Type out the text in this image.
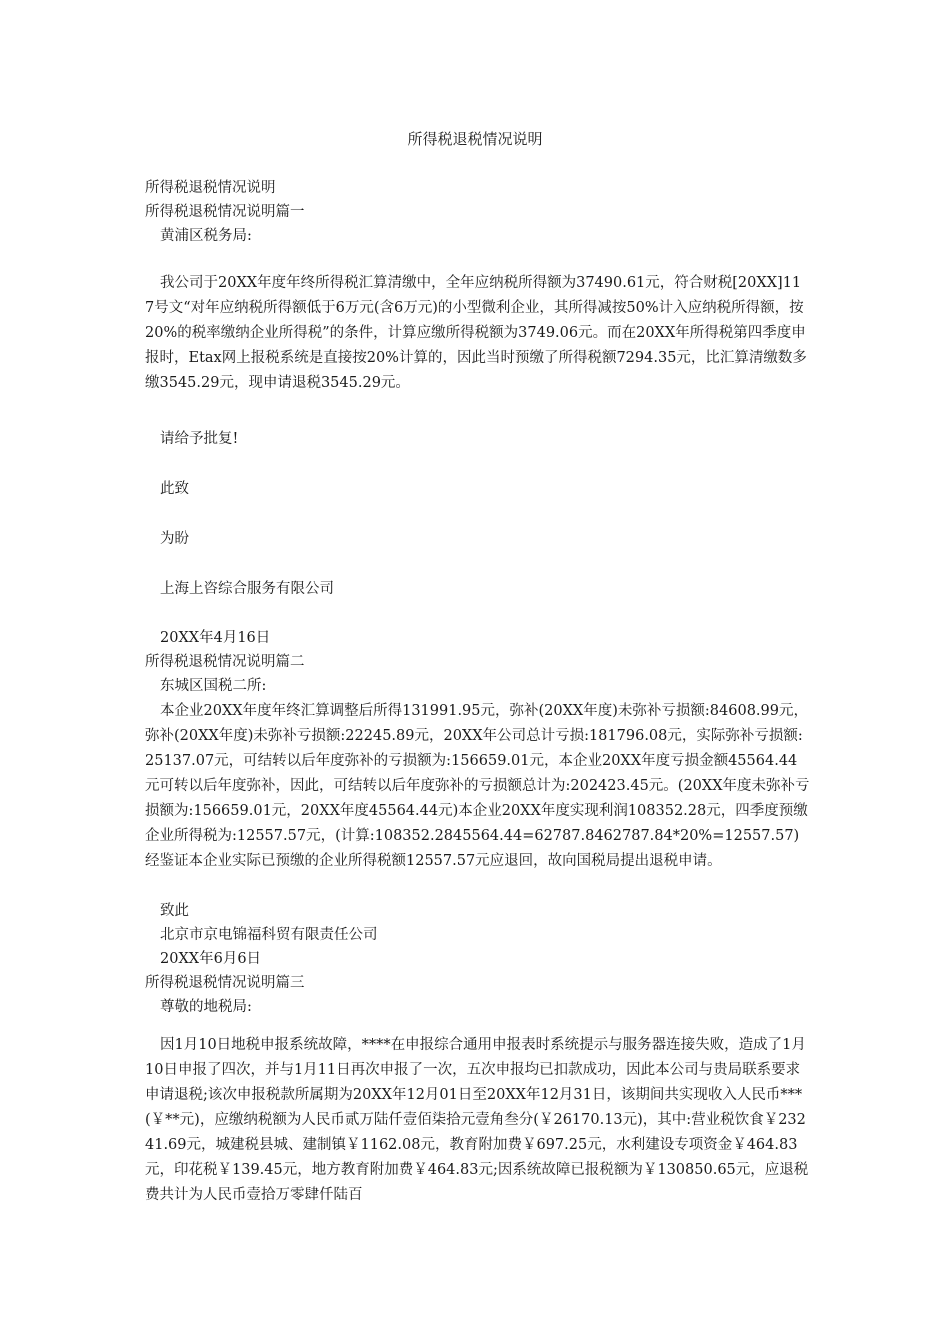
所得税退税情况说明
所得税退税情况说明
所得税退税情况说明篇一
黄浦区税务局:
我公司于20XX年度年终所得税汇算清缴中，全年应纳税所得额为37490.61元，符合财税[20XX]117号文“对年应纳税所得额低于6万元(含6万元)的小型微利企业，其所得减按50%计入应纳税所得额，按20%的税率缴纳企业所得税”的条件，计算应缴所得税额为3749.06元。而在20XX年所得税第四季度申报时，Etax网上报税系统是直接按20%计算的，因此当时预缴了所得税额7294.35元，比汇算清缴数多缴3545.29元，现申请退税3545.29元。
请给予批复!
此致
为盼
上海上咨综合服务有限公司
20XX年4月16日
所得税退税情况说明篇二
东城区国税二所:
本企业20XX年度年终汇算调整后所得131991.95元，弥补(20XX年度)未弥补亏损额:84608.99元，弥补(20XX年度)未弥补亏损额:22245.89元，20XX年公司总计亏损:181796.08元，实际弥补亏损额:25137.07元，可结转以后年度弥补的亏损额为:156659.01元，本企业20XX年度亏损金额45564.44元可转以后年度弥补，因此，可结转以后年度弥补的亏损额总计为:202423.45元。(20XX年度未弥补亏损额为:156659.01元，20XX年度45564.44元)本企业20XX年度实现利润108352.28元，四季度预缴企业所得税为:12557.57元，(计算:108352.2845564.44=62787.8462787.84*20%=12557.57)经鉴证本企业实际已预缴的企业所得税额12557.57元应退回，故向国税局提出退税申请。
致此
北京市京电锦福科贸有限责任公司
20XX年6月6日
所得税退税情况说明篇三
尊敬的地税局:
因1月10日地税申报系统故障，****在申报综合通用申报表时系统提示与服务器连接失败，造成了1月10日申报了四次，并与1月11日再次申报了一次，五次申报均已扣款成功，因此本公司与贵局联系要求申请退税;该次申报税款所属期为20XX年12月01日至20XX年12月31日，该期间共实现收入人民币***(￥**元)，应缴纳税额为人民币贰万陆仟壹佰柒拾元壹角叁分(￥26170.13元)，其中:营业税饮食￥23241.69元，城建税县城、建制镇￥1162.08元，教育附加费￥697.25元，水利建设专项资金￥464.83元，印花税￥139.45元，地方教育附加费￥464.83元;因系统故障已报税额为￥130850.65元，应退税费共计为人民币壹拾万零肆仟陆百
